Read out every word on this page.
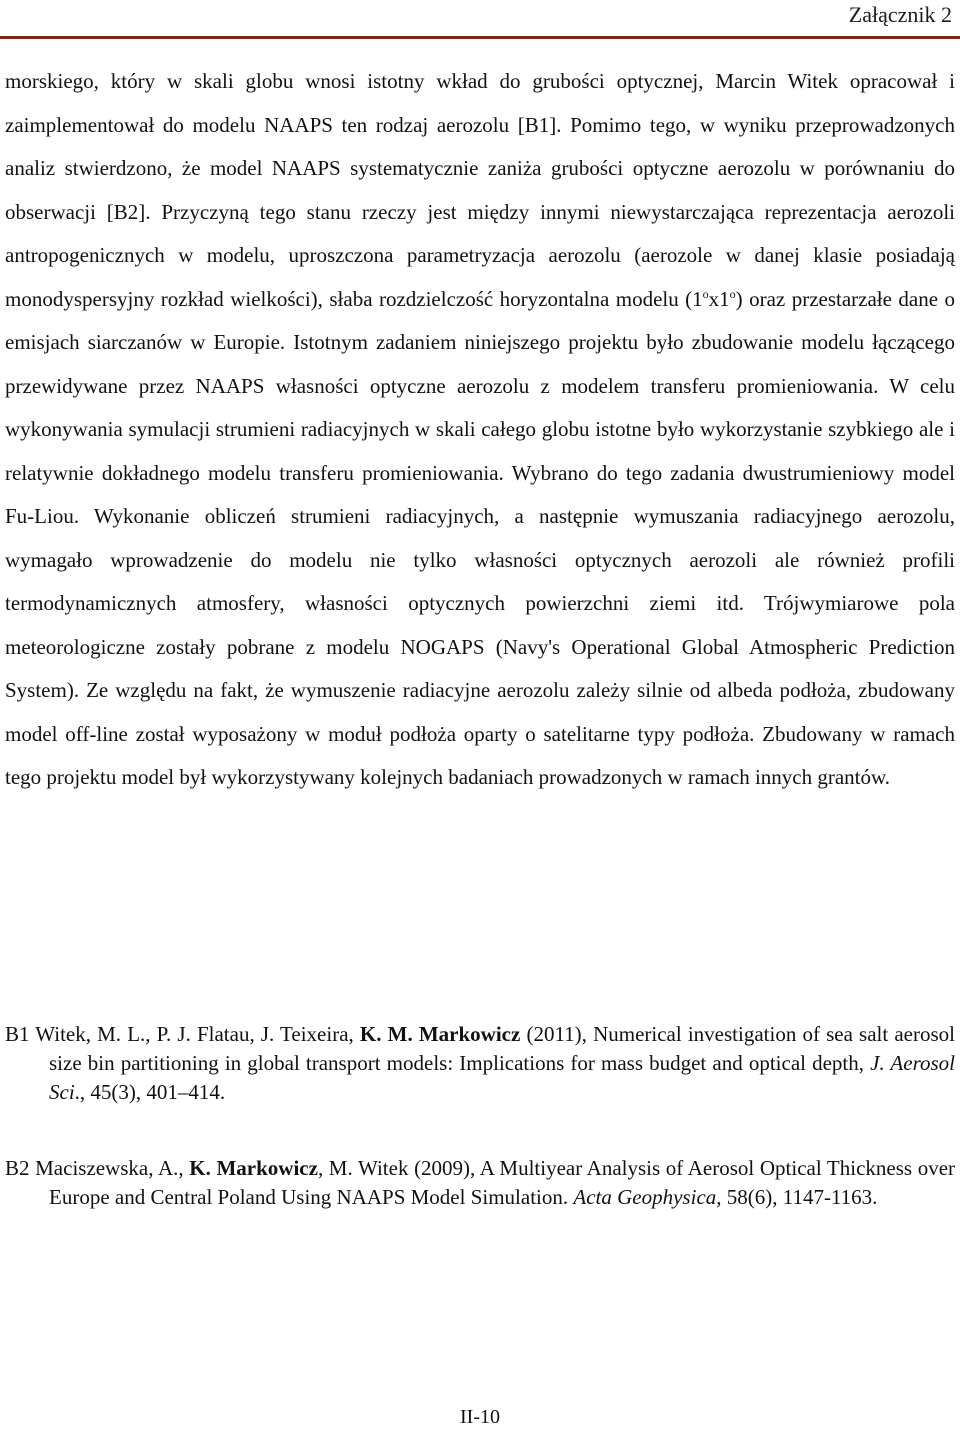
Załącznik 2

morskiego, który w skali globu wnosi istotny wkład do grubości optycznej, Marcin Witek opracował i zaimplementował do modelu NAAPS ten rodzaj aerozolu [B1]. Pomimo tego, w wyniku przeprowadzonych analiz stwierdzono, że model NAAPS systematycznie zaniża grubości optyczne aerozolu w porównaniu do obserwacji [B2]. Przyczyną tego stanu rzeczy jest między innymi niewystarczająca reprezentacja aerozoli antropogenicznych w modelu, uproszczona parametryzacja aerozolu (aerozole w danej klasie posiadają monodyspersyjny rozkład wielkości), słaba rozdzielczość horyzontalna modelu (1$^o$x1$^o$) oraz przestarzałe dane o emisjach siarczanów w Europie. Istotnym zadaniem niniejszego projektu było zbudowanie modelu łączącego przewidywane przez NAAPS własności optyczne aerozolu z modelem transferu promieniowania. W celu wykonywania symulacji strumieni radiacyjnych w skali całego globu istotne było wykorzystanie szybkiego ale i relatywnie dokładnego modelu transferu promieniowania. Wybrano do tego zadania dwustrumieniowy model Fu-Liou. Wykonanie obliczeń strumieni radiacyjnych, a następnie wymuszania radiacyjnego aerozolu, wymagało wprowadzenie do modelu nie tylko własności optycznych aerozoli ale również profili termodynamicznych atmosfery, własności optycznych powierzchni ziemi itd. Trójwymiarowe pola meteorologiczne zostały pobrane z modelu NOGAPS (Navy's Operational Global Atmospheric Prediction System). Ze względu na fakt, że wymuszenie radiacyjne aerozolu zależy silnie od albeda podłoża, zbudowany model off-line został wyposażony w moduł podłoża oparty o satelitarne typy podłoża. Zbudowany w ramach tego projektu model był wykorzystywany kolejnych badaniach prowadzonych w ramach innych grantów.

B1 Witek, M. L., P. J. Flatau, J. Teixeira, K. M. Markowicz (2011), Numerical investigation of sea salt aerosol size bin partitioning in global transport models: Implications for mass budget and optical depth, J. Aerosol Sci., 45(3), 401–414.

B2 Maciszewska, A., K. Markowicz, M. Witek (2009), A Multiyear Analysis of Aerosol Optical Thickness over Europe and Central Poland Using NAAPS Model Simulation. Acta Geophysica, 58(6), 1147-1163.

II-10
